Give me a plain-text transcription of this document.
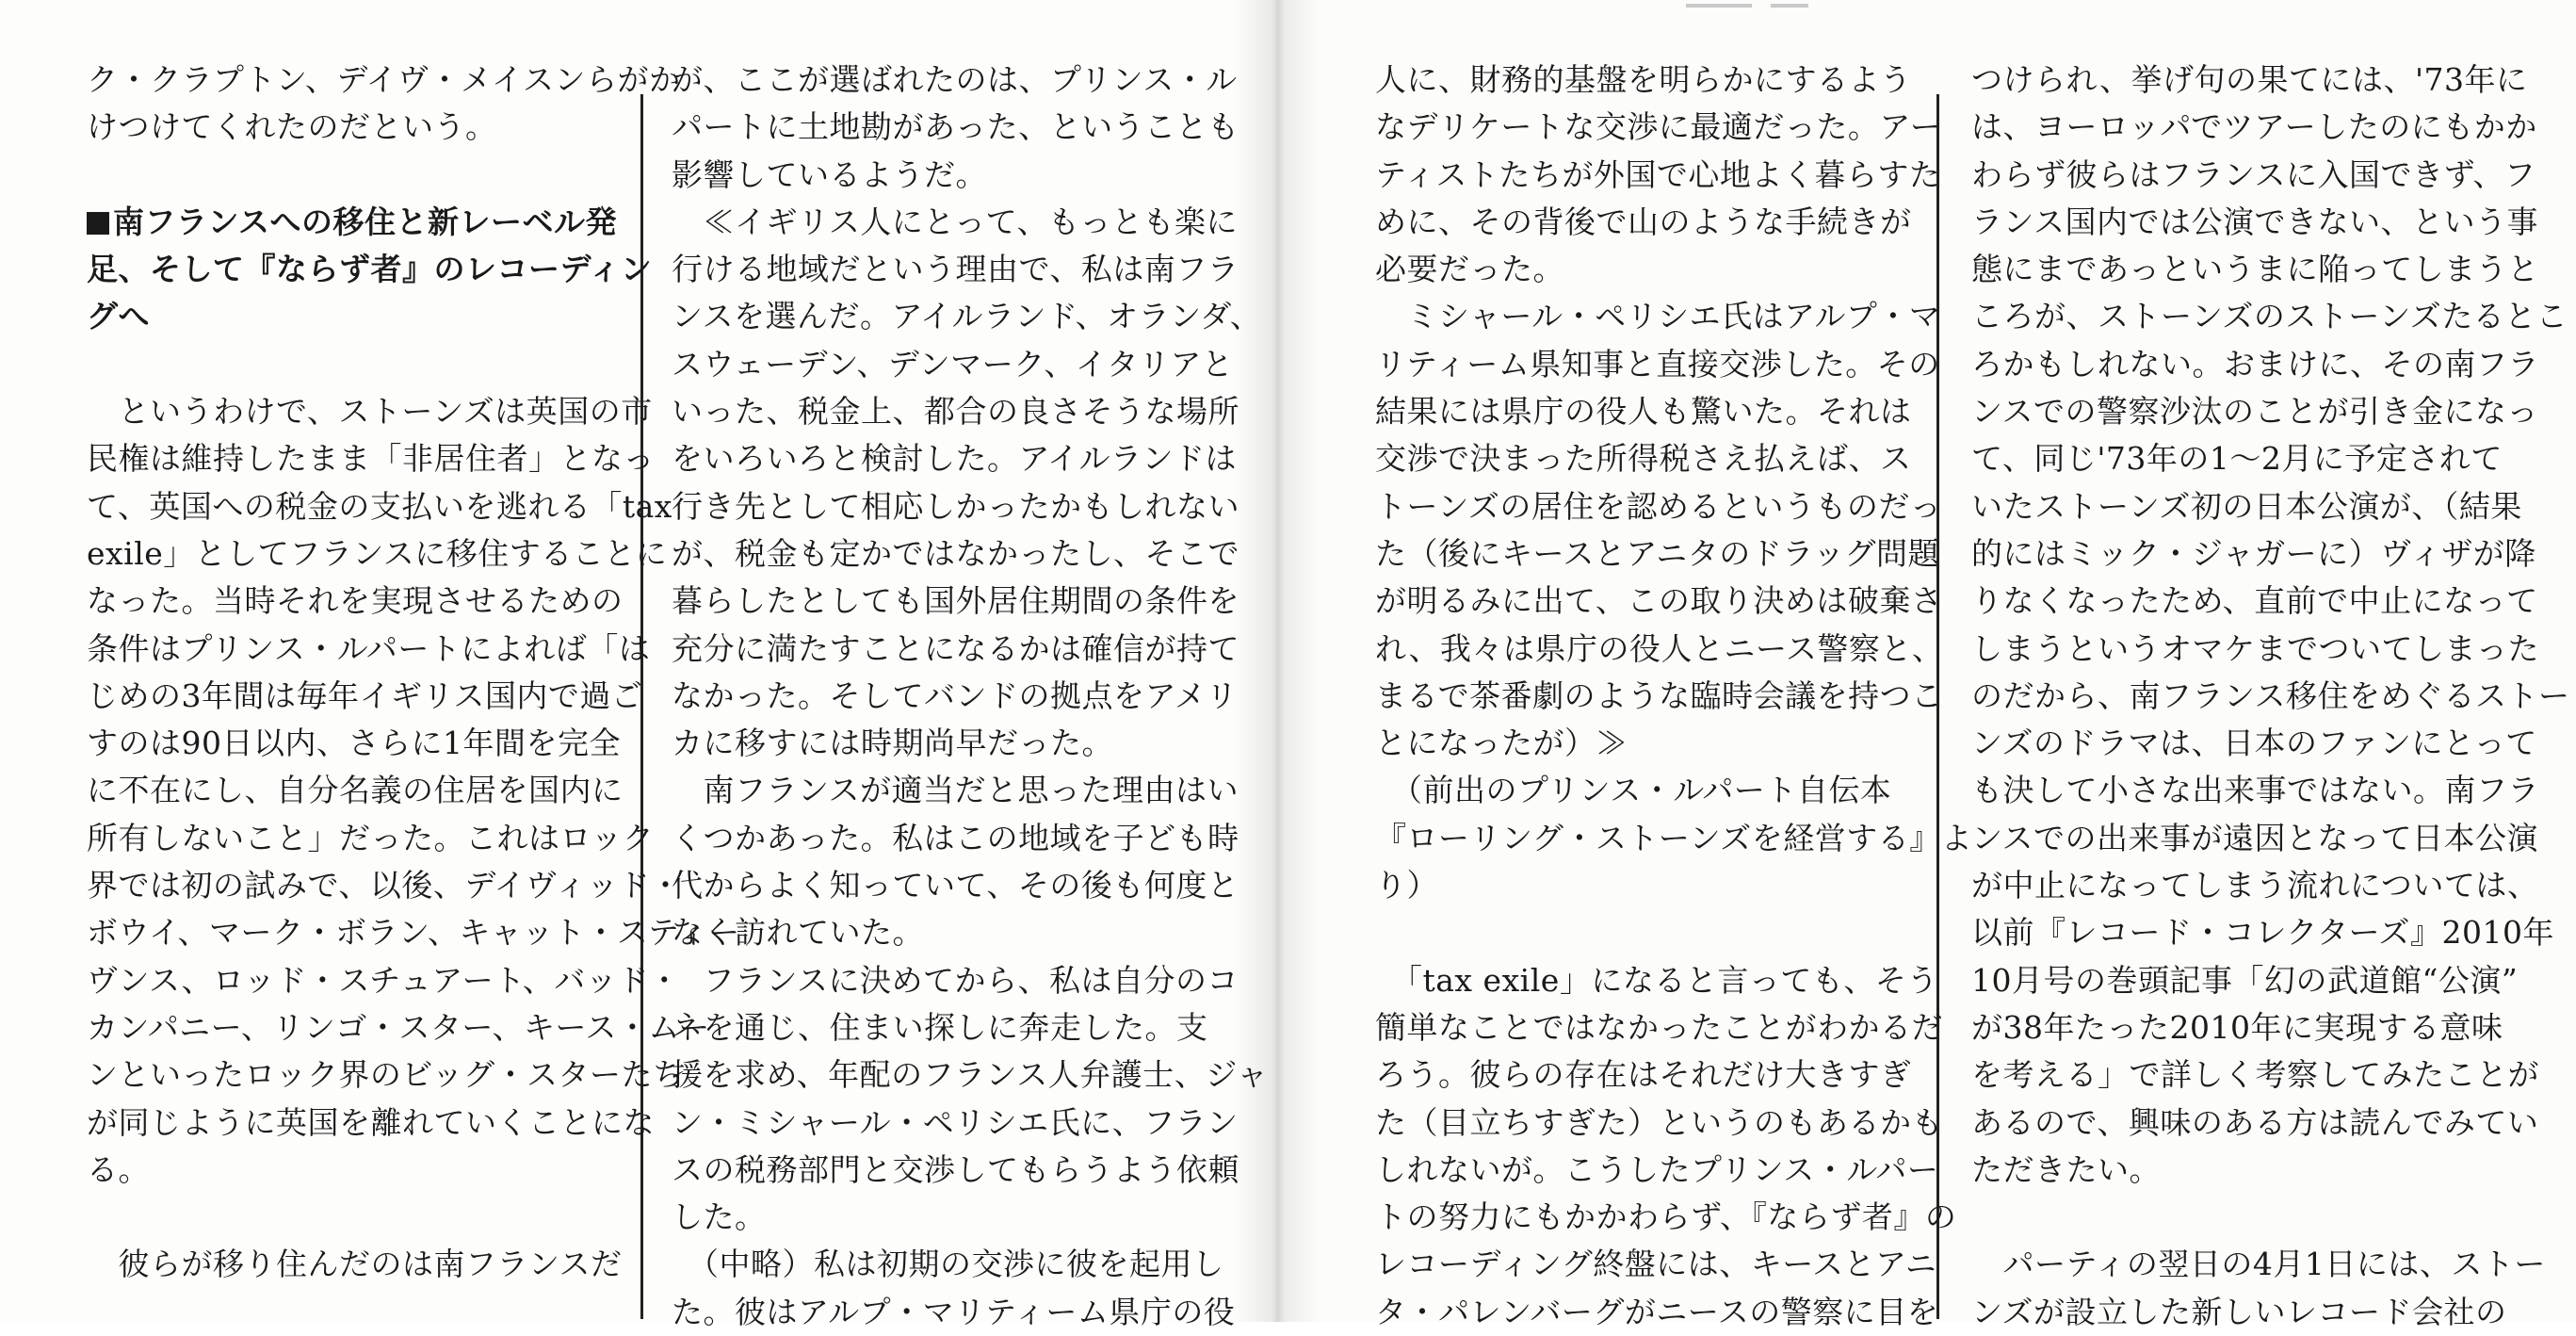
ク・クラプトン、デイヴ・メイスンらがか
けつけてくれたのだという。
南フランスへの移住と新レーベル発
足、そして『ならず者』のレコーディン
グへ
　というわけで、ストーンズは英国の市
民権は維持したまま「非居住者」となっ
て、英国への税金の支払いを逃れる「tax
exile」としてフランスに移住することに
なった。当時それを実現させるための
条件はプリンス・ルパートによれば「は
じめの3年間は毎年イギリス国内で過ご
すのは90日以内、さらに1年間を完全
に不在にし、自分名義の住居を国内に
所有しないこと」だった。これはロック
界では初の試みで、以後、デイヴィッド・
ボウイ、マーク・ボラン、キャット・スティー
ヴンス、ロッド・スチュアート、バッド・
カンパニー、リンゴ・スター、キース・ムー
ンといったロック界のビッグ・スターたち
が同じように英国を離れていくことにな
る。
　彼らが移り住んだのは南フランスだ
が、ここが選ばれたのは、プリンス・ル
パートに土地勘があった、ということも
影響しているようだ。
　≪イギリス人にとって、もっとも楽に
行ける地域だという理由で、私は南フラ
ンスを選んだ。アイルランド、オランダ、
スウェーデン、デンマーク、イタリアと
いった、税金上、都合の良さそうな場所
をいろいろと検討した。アイルランドは
行き先として相応しかったかもしれない
が、税金も定かではなかったし、そこで
暮らしたとしても国外居住期間の条件を
充分に満たすことになるかは確信が持て
なかった。そしてバンドの拠点をアメリ
カに移すには時期尚早だった。
　南フランスが適当だと思った理由はい
くつかあった。私はこの地域を子ども時
代からよく知っていて、その後も何度と
なく訪れていた。
　フランスに決めてから、私は自分のコ
ネを通じ、住まい探しに奔走した。支
援を求め、年配のフランス人弁護士、ジャ
ン・ミシャール・ペリシエ氏に、フラン
スの税務部門と交渉してもらうよう依頼
した。
　（中略）私は初期の交渉に彼を起用し
た。彼はアルプ・マリティーム県庁の役
人に、財務的基盤を明らかにするよう
なデリケートな交渉に最適だった。アー
ティストたちが外国で心地よく暮らすた
めに、その背後で山のような手続きが
必要だった。
　ミシャール・ペリシエ氏はアルプ・マ
リティーム県知事と直接交渉した。その
結果には県庁の役人も驚いた。それは
交渉で決まった所得税さえ払えば、ス
トーンズの居住を認めるというものだっ
た（後にキースとアニタのドラッグ問題
が明るみに出て、この取り決めは破棄さ
れ、我々は県庁の役人とニース警察と、
まるで茶番劇のような臨時会議を持つこ
とになったが）≫
　（前出のプリンス・ルパート自伝本
『ローリング・ストーンズを経営する』よ
り）
　「tax exile」になると言っても、そう
簡単なことではなかったことがわかるだ
ろう。彼らの存在はそれだけ大きすぎ
た（目立ちすぎた）というのもあるかも
しれないが。こうしたプリンス・ルパー
トの努力にもかかわらず、『ならず者』の
レコーディング終盤には、キースとアニ
タ・パレンバーグがニースの警察に目を
つけられ、挙げ句の果てには、'73年に
は、ヨーロッパでツアーしたのにもかか
わらず彼らはフランスに入国できず、フ
ランス国内では公演できない、という事
態にまであっというまに陥ってしまうと
ころが、ストーンズのストーンズたるとこ
ろかもしれない。おまけに、その南フラ
ンスでの警察沙汰のことが引き金になっ
て、同じ'73年の1～2月に予定されて
いたストーンズ初の日本公演が、（結果
的にはミック・ジャガーに）ヴィザが降
りなくなったため、直前で中止になって
しまうというオマケまでついてしまった
のだから、南フランス移住をめぐるストー
ンズのドラマは、日本のファンにとって
も決して小さな出来事ではない。南フラ
ンスでの出来事が遠因となって日本公演
が中止になってしまう流れについては、
以前『レコード・コレクターズ』2010年
10月号の巻頭記事「幻の武道館“公演”
が38年たった2010年に実現する意味
を考える」で詳しく考察してみたことが
あるので、興味のある方は読んでみてい
ただきたい。
　パーティの翌日の4月1日には、ストー
ンズが設立した新しいレコード会社の
